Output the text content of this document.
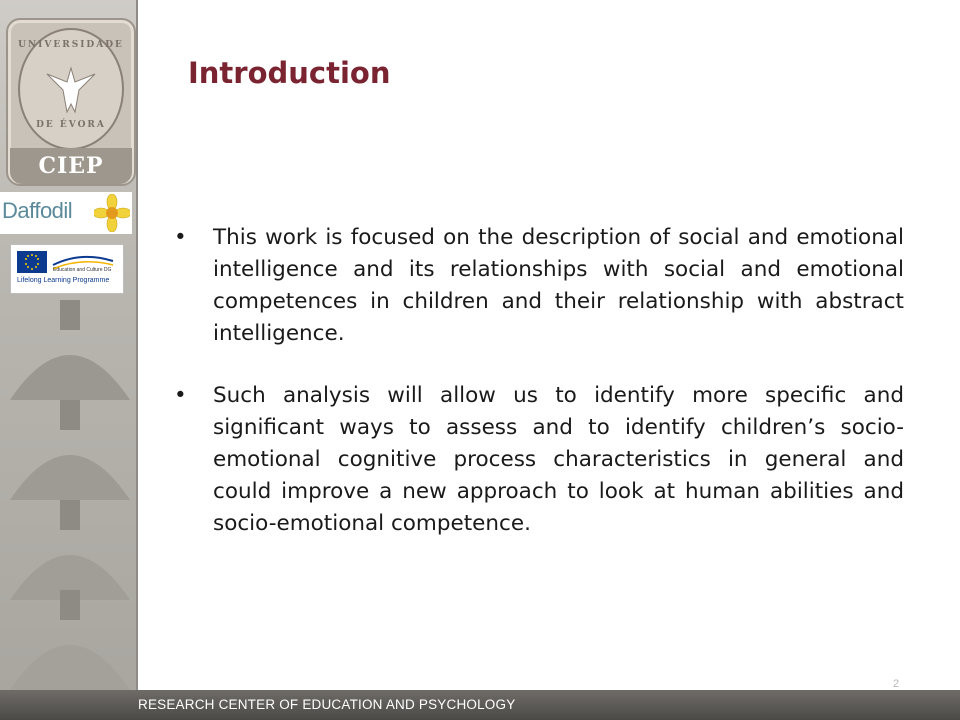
UNIVERSIDADE
DE ÉVORA
CIEP
Daffodil
Education and Culture DG
Lifelong Learning Programme
Introduction
• This work is focused on the description of social and emotional intelligence and its relationships with social and emotional competences in children and their relationship with abstract intelligence.
• Such analysis will allow us to identify more specific and significant ways to assess and to identify children’s socio-emotional cognitive process characteristics in general and could improve a new approach to look at human abilities and socio-emotional competence.
2
RESEARCH CENTER OF EDUCATION AND PSYCHOLOGY
